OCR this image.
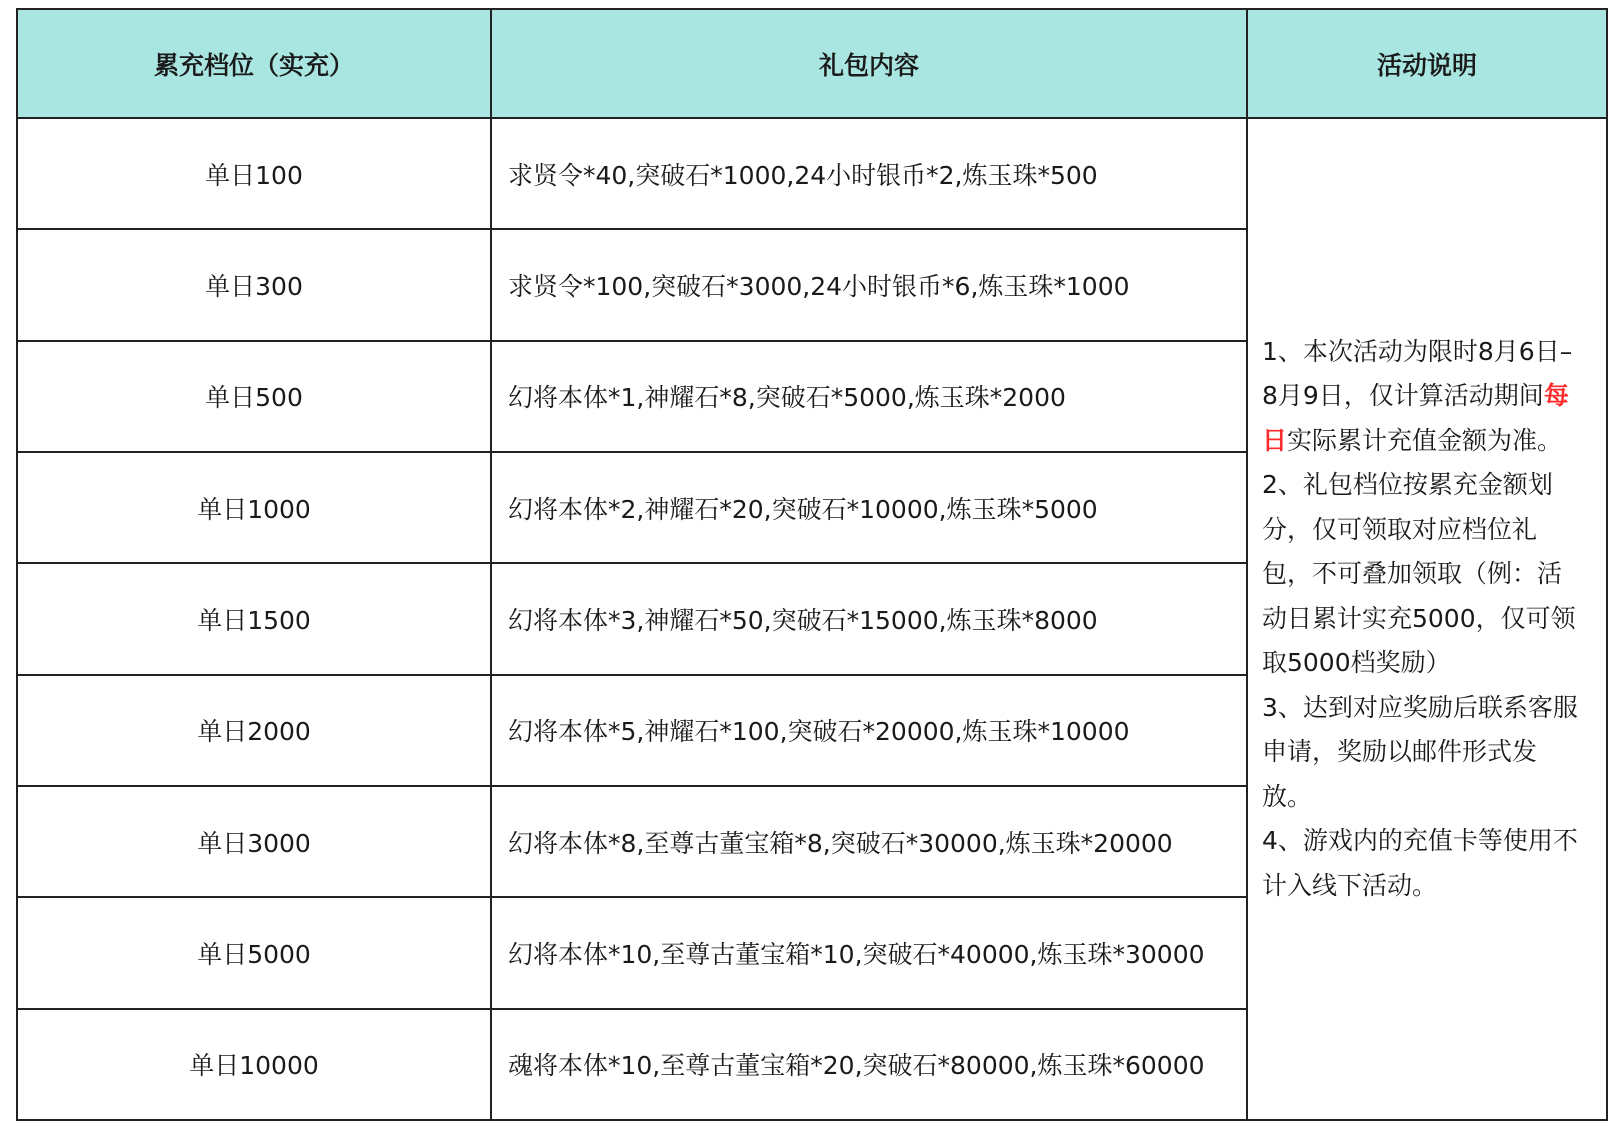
累充档位（实充）	礼包内容	活动说明
单日100	求贤令*40,突破石*1000,24小时银币*2,炼玉珠*500	1、本次活动为限时8月6日–8月9日，仅计算活动期间每日实际累计充值金额为准。
2、礼包档位按累充金额划分，仅可领取对应档位礼包，不可叠加领取（例：活动日累计实充5000，仅可领取5000档奖励）
3、达到对应奖励后联系客服申请，奖励以邮件形式发放。
4、游戏内的充值卡等使用不计入线下活动。

单日300	求贤令*100,突破石*3000,24小时银币*6,炼玉珠*1000	
单日500	幻将本体*1,神耀石*8,突破石*5000,炼玉珠*2000	
单日1000	幻将本体*2,神耀石*20,突破石*10000,炼玉珠*5000	
单日1500	幻将本体*3,神耀石*50,突破石*15000,炼玉珠*8000	
单日2000	幻将本体*5,神耀石*100,突破石*20000,炼玉珠*10000	
单日3000	幻将本体*8,至尊古董宝箱*8,突破石*30000,炼玉珠*20000	
单日5000	幻将本体*10,至尊古董宝箱*10,突破石*40000,炼玉珠*30000	
单日10000	魂将本体*10,至尊古董宝箱*20,突破石*80000,炼玉珠*60000	
